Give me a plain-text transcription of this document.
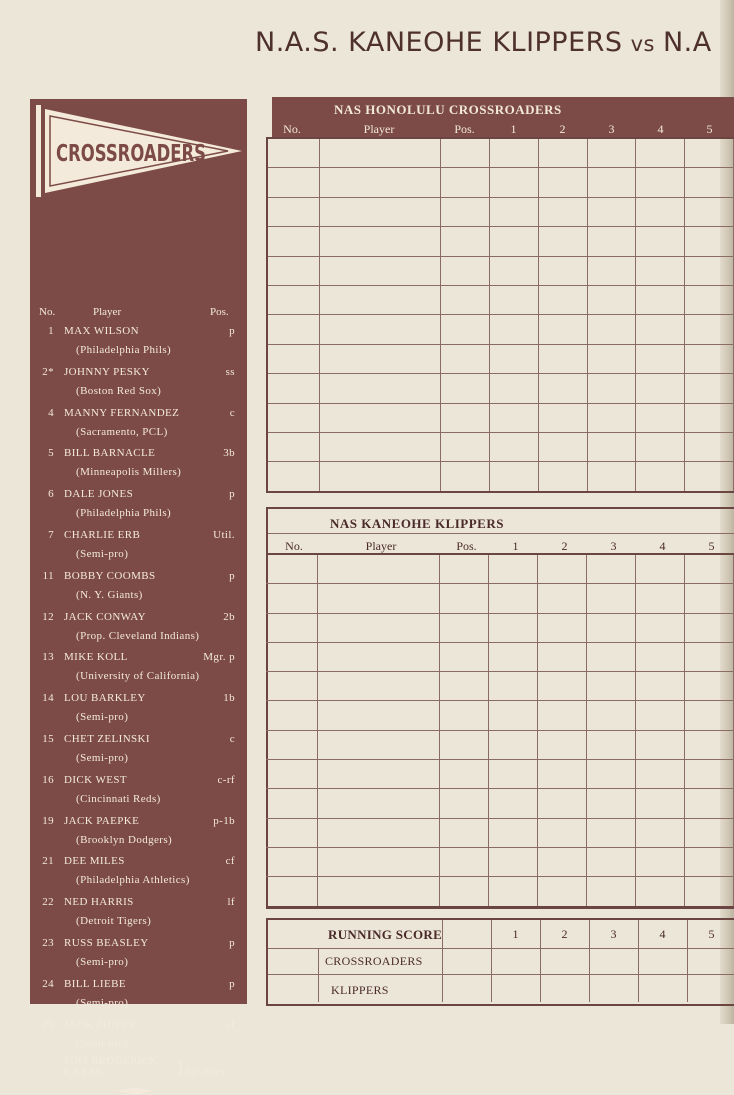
N.A.S. KANEOHE KLIPPERS vs N.A
CROSSROADERS
No.	Player	Pos.
1 MAX WILSON	p
(Philadelphia Phils)
2* JOHNNY PESKY	ss
(Boston Red Sox)
4 MANNY FERNANDEZ	c
(Sacramento, PCL)
5 BILL BARNACLE	3b
(Minneapolis Millers)
6 DALE JONES	p
(Philadelphia Phils)
7 CHARLIE ERB	Util.
(Semi-pro)
11 BOBBY COOMBS	p
(N. Y. Giants)
12 JACK CONWAY	2b
(Prop. Cleveland Indians)
13 MIKE KOLL	Mgr. p
(University of California)
14 LOU BARKLEY	1b
(Semi-pro)
15 CHET ZELINSKI	c
(Semi-pro)
16 DICK WEST	c-rf
(Cincinnati Reds)
19 JACK PAEPKE	p-1b
(Brooklyn Dodgers)
21 DEE MILES	cf
(Philadelphia Athletics)
22 NED HARRIS	lf
(Detroit Tigers)
23 RUSS BEASLEY	p
(Semi-pro)
24 BILL LIEBE	p
(Semi-pro)
25 JACK PHIPPS	cf
(Semi-pro)
TOM BRODERICK
KA LEE	} Bat Boys
NAS HONOLULU CROSSROADERS
No.	Player	Pos.	1	2	3	4	5

NAS KANEOHE KLIPPERS
No.	Player	Pos.	1	2	3	4	5

RUNNING SCORE	1	2	3	4	5
CROSSROADERS
KLIPPERS
